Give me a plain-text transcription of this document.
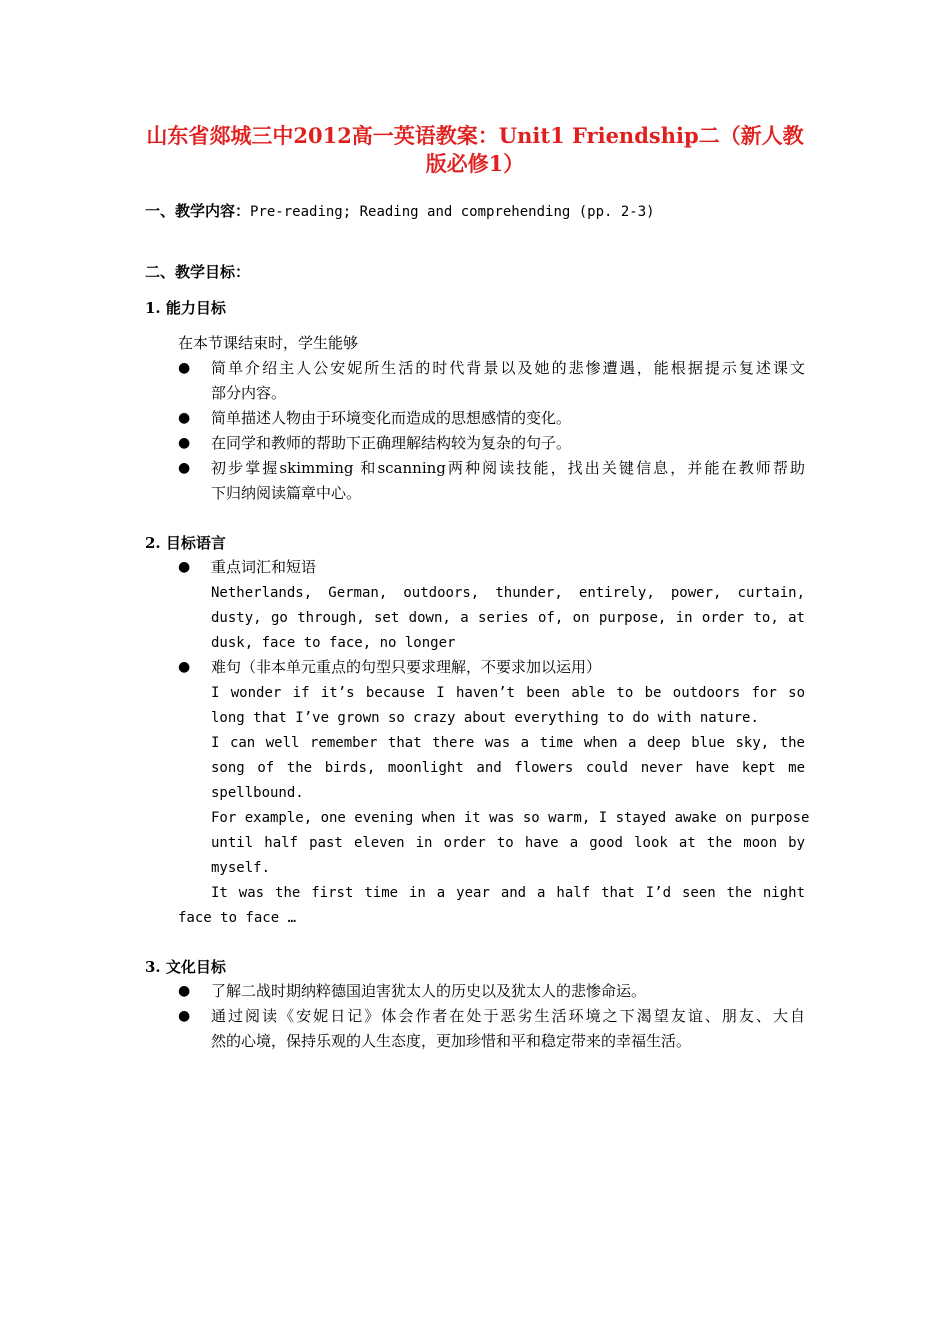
山东省郯城三中2012高一英语教案：Unit1 Friendship二（新人教
版必修1）
一、教学内容：Pre-reading; Reading and comprehending (pp. 2-3)
二、教学目标：
1. 能力目标
在本节课结束时，学生能够
● 简单介绍主人公安妮所生活的时代背景以及她的悲惨遭遇，能根据提示复述课文
部分内容。
● 简单描述人物由于环境变化而造成的思想感情的变化。
● 在同学和教师的帮助下正确理解结构较为复杂的句子。
● 初步掌握skimming 和scanning两种阅读技能，找出关键信息，并能在教师帮助
下归纳阅读篇章中心。
2. 目标语言
● 重点词汇和短语
Netherlands, German, outdoors, thunder, entirely, power, curtain,
dusty, go through, set down, a series of, on purpose, in order to, at
dusk, face to face, no longer
● 难句（非本单元重点的句型只要求理解，不要求加以运用）
I wonder if it’s because I haven’t been able to be outdoors for so
long that I’ve grown so crazy about everything to do with nature.
I can well remember that there was a time when a deep blue sky, the
song of the birds, moonlight and flowers could never have kept me
spellbound.
For example, one evening when it was so warm, I stayed awake on purpose
until half past eleven in order to have a good look at the moon by
myself.
It was the first time in a year and a half that I’d seen the night
face to face …
3. 文化目标
● 了解二战时期纳粹德国迫害犹太人的历史以及犹太人的悲惨命运。
● 通过阅读《安妮日记》体会作者在处于恶劣生活环境之下渴望友谊、朋友、大自
然的心境，保持乐观的人生态度，更加珍惜和平和稳定带来的幸福生活。
